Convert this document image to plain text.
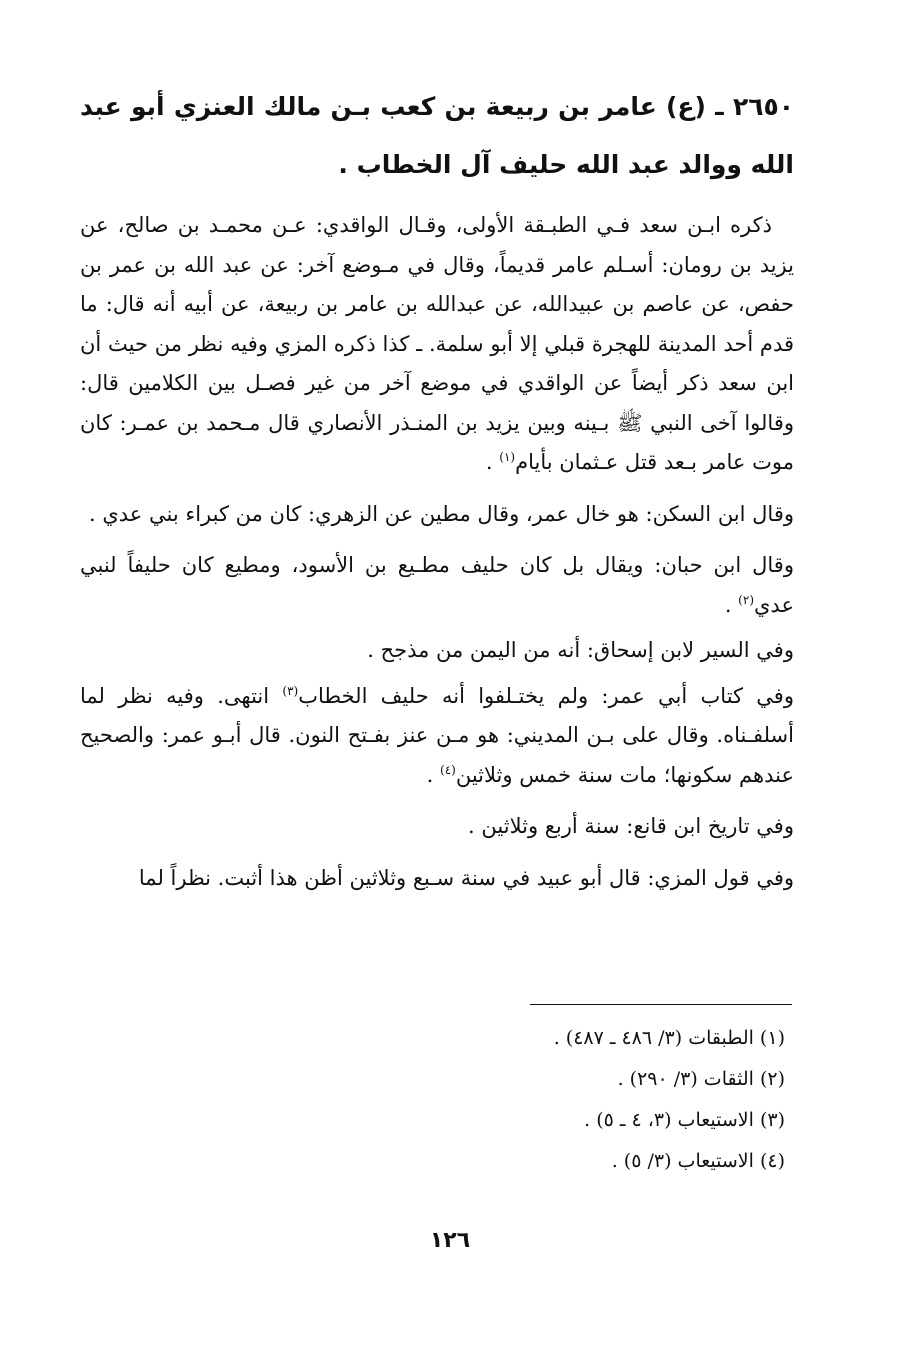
٢٦٥٠ ـ (ع) عامر بن ربيعة بن كعب بـن مالك العنزي أبو عبد الله ووالد عبد الله حليف آل الخطاب .

ذكره ابـن سعد فـي الطبـقة الأولى، وقـال الواقدي: عـن محمـد بن صالح، عن يزيد بن رومان: أسـلم عامر قديماً، وقال في مـوضع آخر: عن عبد الله بن عمر بن حفص، عن عاصم بن عبيدالله، عن عبدالله بن عامر بن ربيعة، عن أبيه أنه قال: ما قدم أحد المدينة للهجرة قبلي إلا أبو سلمة. ـ كذا ذكره المزي وفيه نظر من حيث أن ابن سعد ذكر أيضاً عن الواقدي في موضع آخر من غير فصـل بين الكلامين قال: وقالوا آخى النبي ﷺ بـينه وبين يزيد بن المنـذر الأنصاري قال مـحمد بن عمـر: كان موت عامر بـعد قتل عـثمان بأيام$^{(١)}$ .

وقال ابن السكن: هو خال عمر، وقال مطين عن الزهري: كان من كبراء بني عدي .

وقال ابن حبان: ويقال بل كان حليف مطـيع بن الأسود، ومطيع كان حليفاً لنبي عدي$^{(٢)}$ .

وفي السير لابن إسحاق: أنه من اليمن من مذجح .

وفي كتاب أبي عمر: ولم يختـلفوا أنه حليف الخطاب$^{(٣)}$ انتهى. وفيه نظر لما أسلفـناه. وقال على بـن المديني: هو مـن عنز بفـتح النون. قال أبـو عمر: والصحيح عندهم سكونها؛ مات سنة خمس وثلاثين$^{(٤)}$ .

وفي تاريخ ابن قانع: سنة أربع وثلاثين .

وفي قول المزي: قال أبو عبيد في سنة سـبع وثلاثين أظن هذا أثبت. نظراً لما

(١) الطبقات (٣/ ٤٨٦ ـ ٤٨٧) .
(٢) الثقات (٣/ ٢٩٠) .
(٣) الاستيعاب (٣، ٤ ـ ٥) .
(٤) الاستيعاب (٣/ ٥) .
١٢٦
